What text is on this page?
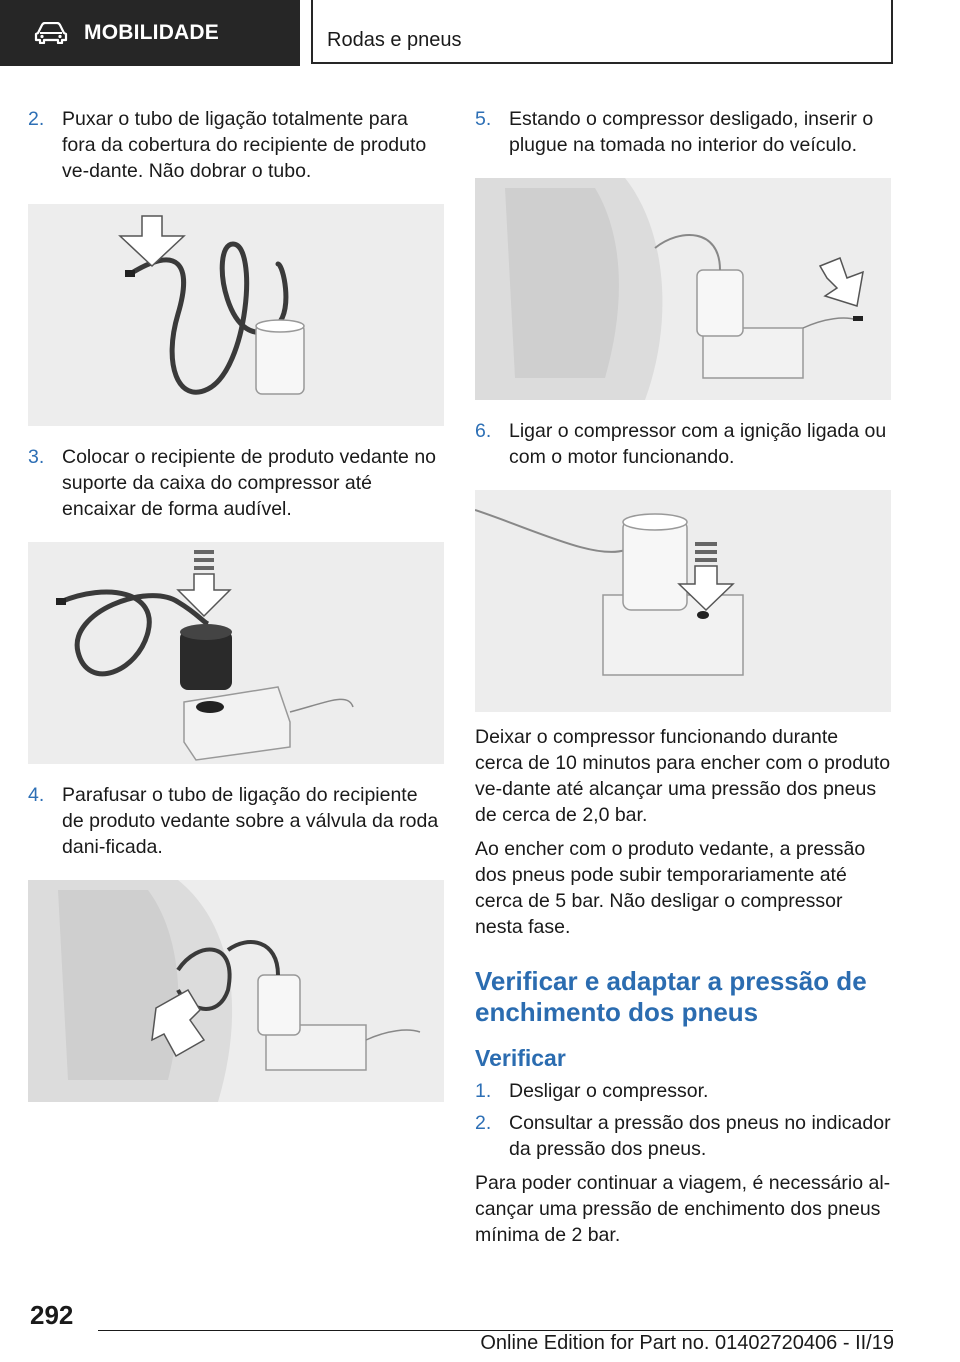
MOBILIDADE	Rodas e pneus
2. Puxar o tubo de ligação totalmente para fora da cobertura do recipiente de produto ve-dante. Não dobrar o tubo.
3. Colocar o recipiente de produto vedante no suporte da caixa do compressor até encaixar de forma audível.
4. Parafusar o tubo de ligação do recipiente de produto vedante sobre a válvula da roda dani-ficada.
5. Estando o compressor desligado, inserir o plugue na tomada no interior do veículo.
6. Ligar o compressor com a ignição ligada ou com o motor funcionando.

Deixar o compressor funcionando durante cerca de 10 minutos para encher com o produto ve-dante até alcançar uma pressão dos pneus de cerca de 2,0 bar.

Ao encher com o produto vedante, a pressão dos pneus pode subir temporariamente até cerca de 5 bar. Não desligar o compressor nesta fase.

Verificar e adaptar a pressão de enchimento dos pneus
Verificar
1. Desligar o compressor.
2. Consultar a pressão dos pneus no indicador da pressão dos pneus.

Para poder continuar a viagem, é necessário al-cançar uma pressão de enchimento dos pneus mínima de 2 bar.

292
Online Edition for Part no. 01402720406 - II/19
